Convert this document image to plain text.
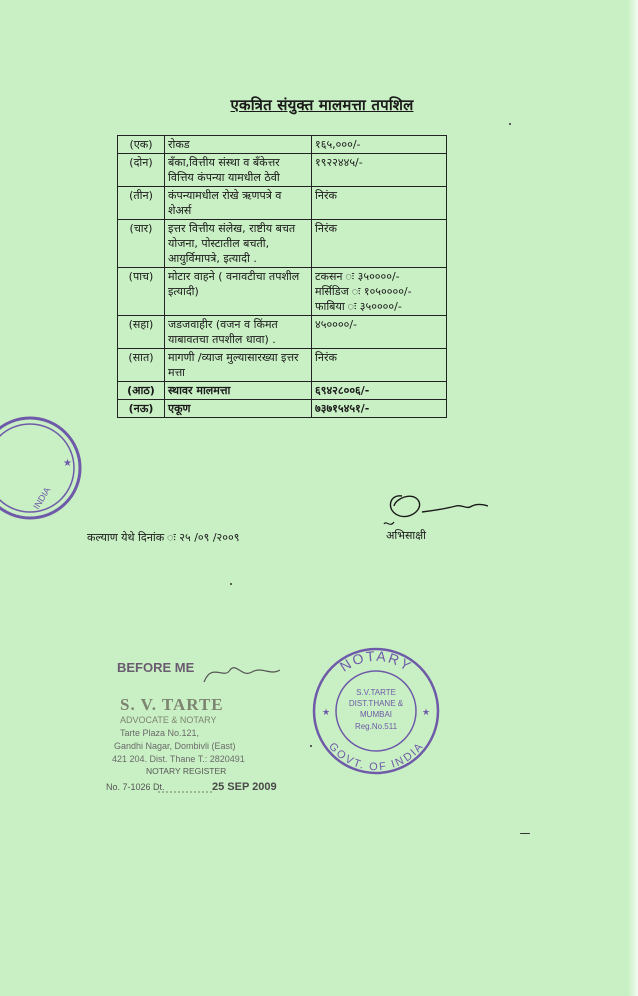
एकत्रित संयुक्त मालमत्ता तपशिल
(एक)	रोकड	१६५,०००/-
(दोन)	बँका,वित्तीय संस्था व बँकेत्तर वित्तिय कंपन्या यामधील ठेवी	१९२२४४५/-
(तीन)	कंपन्यामधील रोखे ऋणपत्रे व शेअर्स	निरंक
(चार)	इत्तर वित्तीय संलेख, राष्टीय बचत योजना, पोस्टातील बचती, आयुर्विमापत्रे, इत्यादी .	निरंक
(पाच)	मोटार वाहने ( वनावटीचा तपशील इत्यादी)	टकसन ः ३५००००/-
मर्सिडिज ः १०५००००/-
फाबिया ः ३५००००/-
(सहा)	जडजवाहीर (वजन व किंमत याबावतचा तपशील धावा) .	४५००००/-
(सात)	मागणी /व्याज मुल्यासारख्या इत्तर मत्ता	निरंक
(आठ)	स्थावर मालमत्ता	६९४२८००६/-
(नऊ)	एकूण	७३७१५४५१/-
कल्याण येथे दिनांक ः २५ /०९ /२००९	अभिसाक्षी
INDIA
★
BEFORE ME
S. V. TARTE
ADVOCATE & NOTARY
Tarte Plaza No.121,
Gandhi Nagar, Dombivli (East)
421 204. Dist. Thane T.: 2820491
NOTARY REGISTER
No. 7-1026 Dt.	25 SEP 2009
NOTARY
GOVT. OF INDIA
★	★
S.V.TARTE
DIST.THANE &
MUMBAI
Reg.No.511
